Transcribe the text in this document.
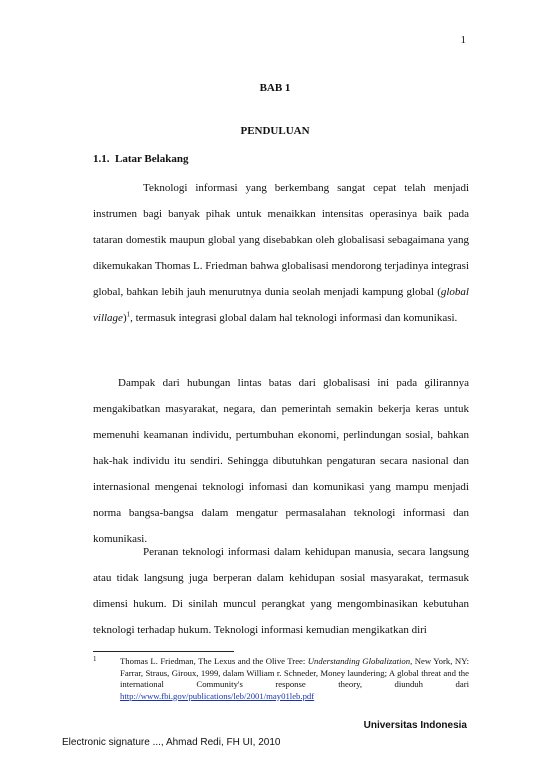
1
BAB 1
PENDULUAN
1.1. Latar Belakang

Teknologi informasi yang berkembang sangat cepat telah menjadi instrumen bagi banyak pihak untuk menaikkan intensitas operasinya baik pada tataran domestik maupun global yang disebabkan oleh globalisasi sebagaimana yang dikemukakan Thomas L. Friedman bahwa globalisasi mendorong terjadinya integrasi global, bahkan lebih jauh menurutnya dunia seolah menjadi kampung global (global village)$^1$, termasuk integrasi global dalam hal teknologi informasi dan komunikasi.

Dampak dari hubungan lintas batas dari globalisasi ini pada gilirannya mengakibatkan masyarakat, negara, dan pemerintah semakin bekerja keras untuk memenuhi keamanan individu, pertumbuhan ekonomi, perlindungan sosial, bahkan hak-hak individu itu sendiri. Sehingga dibutuhkan pengaturan secara nasional dan internasional mengenai teknologi infomasi dan komunikasi yang mampu menjadi norma bangsa-bangsa dalam mengatur permasalahan teknologi informasi dan komunikasi.

Peranan teknologi informasi dalam kehidupan manusia, secara langsung atau tidak langsung juga berperan dalam kehidupan sosial masyarakat, termasuk dimensi hukum. Di sinilah muncul perangkat yang mengombinasikan kebutuhan teknologi terhadap hukum. Teknologi informasi kemudian mengikatkan diri

1	Thomas L. Friedman, The Lexus and the Olive Tree: Understanding Globalization, New York, NY: Farrar, Straus, Giroux, 1999, dalam William r. Schneder, Money laundering; A global threat and the international Community's response theory, diunduh dari http://www.fbi.gov/publications/leb/2001/may01leb.pdf
Universitas Indonesia
Electronic signature ..., Ahmad Redi, FH UI, 2010
